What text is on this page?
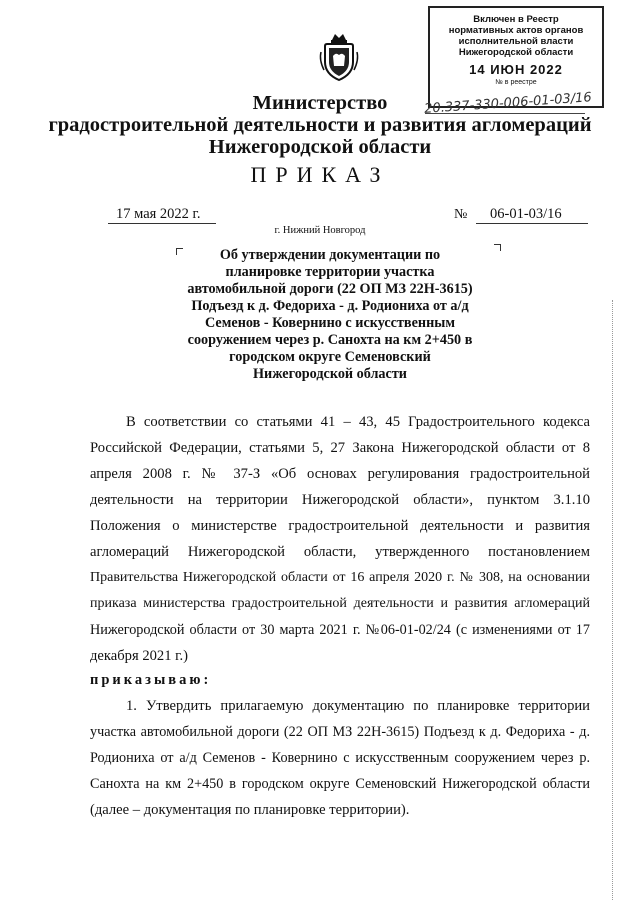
Включен в Реестр
нормативных актов органов
исполнительной власти
Нижегородской области
14 ИЮН 2022
№ в реестре
20.337-330-006-01-03/16
Министерство
градостроительной деятельности и развития агломераций
Нижегородской области
ПРИКАЗ
17 мая 2022 г.	№ 06-01-03/16
г. Нижний Новгород
Об утверждении документации по
планировке территории участка
автомобильной дороги (22 ОП МЗ 22Н-3615)
Подъезд к д. Федориха - д. Родиониха от а/д
Семенов - Ковернино с искусственным
сооружением через р. Санохта на км 2+450 в
городском округе Семеновский
Нижегородской области
В соответствии со статьями 41 – 43, 45 Градостроительного кодекса
Российской Федерации, статьями 5, 27 Закона Нижегородской области от 8
апреля 2008 г. № 37-З «Об основах регулирования градостроительной
деятельности на территории Нижегородской области», пунктом 3.1.10
Положения о министерстве градостроительной деятельности и развития
агломераций Нижегородской области, утвержденного постановлением
Правительства Нижегородской области от 16 апреля 2020 г. № 308, на основании
приказа министерства градостроительной деятельности и развития агломераций
Нижегородской области от 30 марта 2021 г. №06-01-02/24 (с изменениями от 17
декабря 2021 г.)
приказываю:
1. Утвердить прилагаемую документацию по планировке территории
участка автомобильной дороги (22 ОП МЗ 22Н-3615) Подъезд к д. Федориха - д.
Родиониха от а/д Семенов - Ковернино с искусственным сооружением через р.
Санохта на км 2+450 в городском округе Семеновский Нижегородской области
(далее – документация по планировке территории).
